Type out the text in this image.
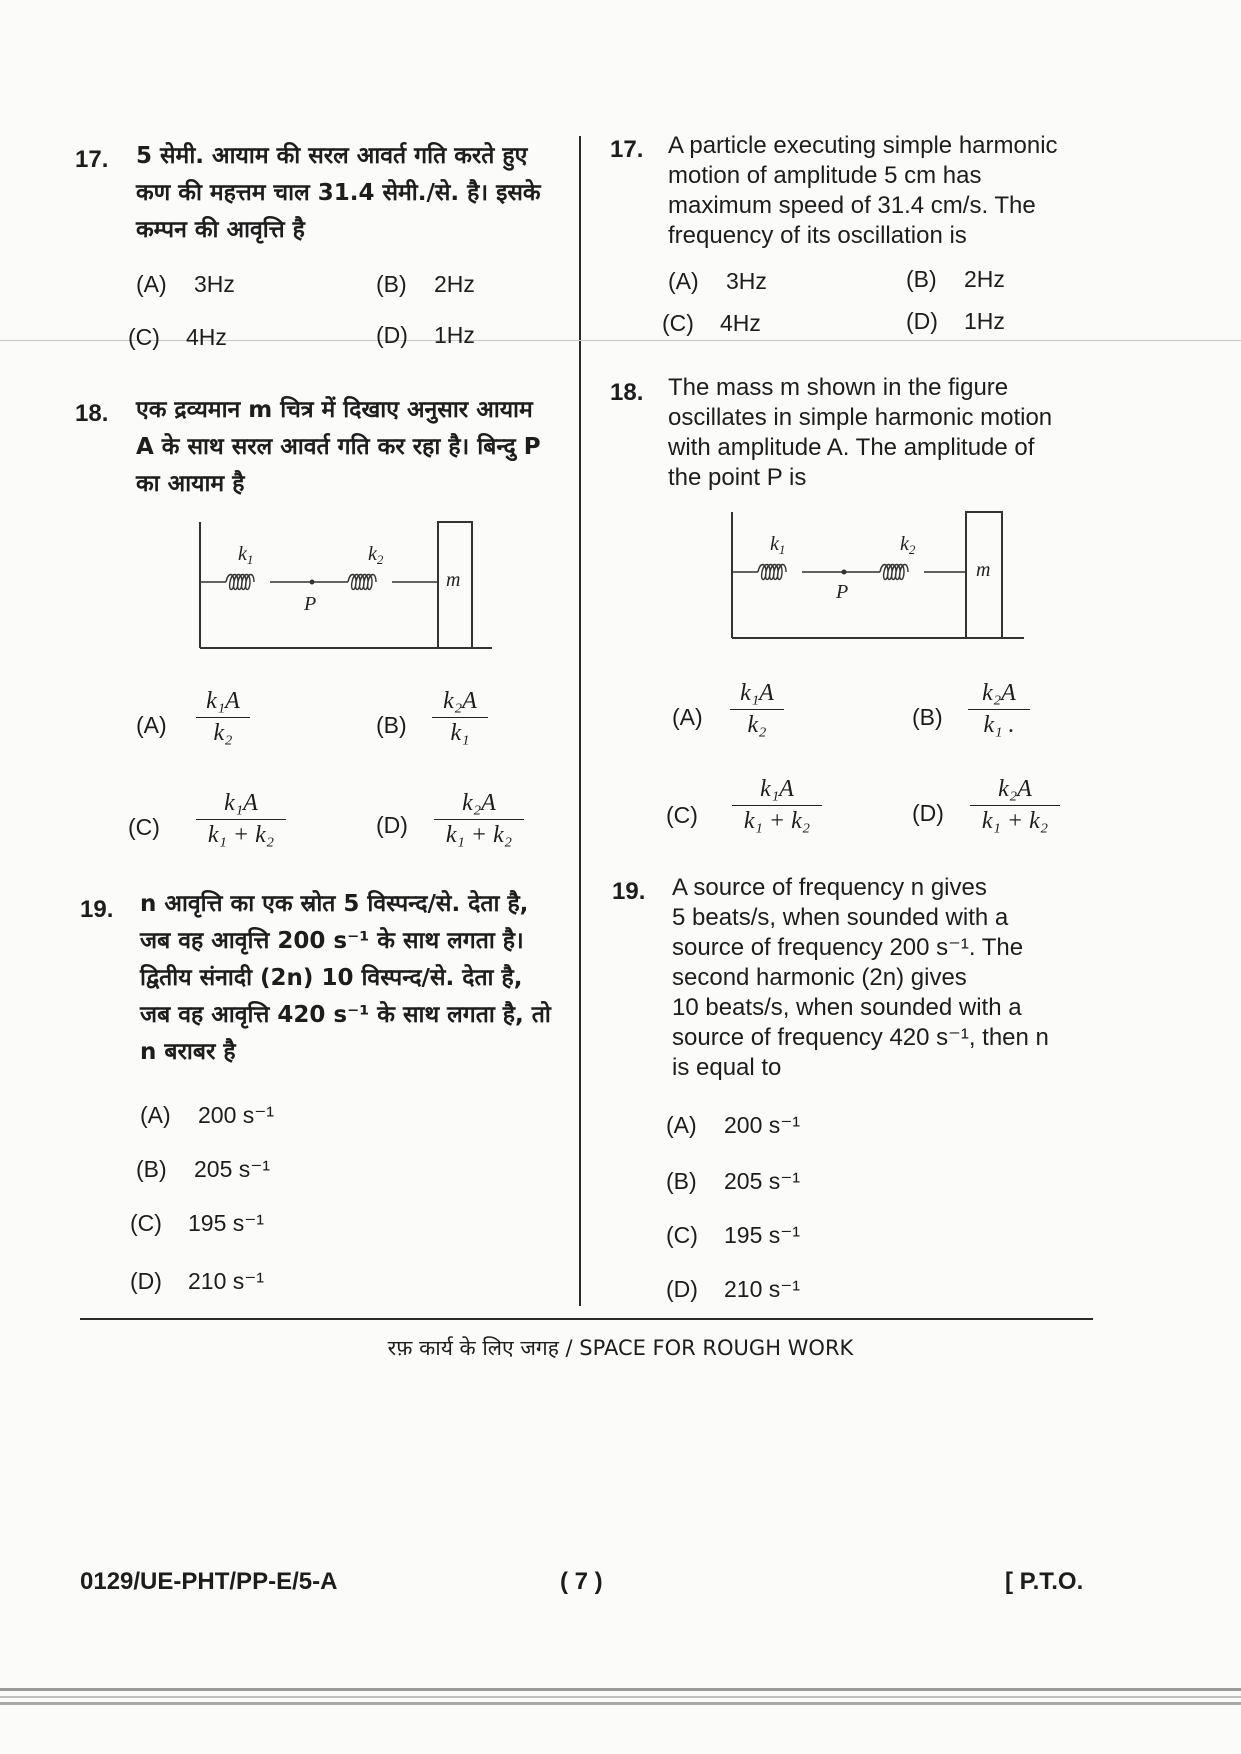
17. 5 सेमी. आयाम की सरल आवर्त गति करते हुए
कण की महत्तम चाल 31.4 सेमी./से. है। इसके
कम्पन की आवृत्ति है
(A) 3Hz	(B) 2Hz
(C) 4Hz	(D) 1Hz
18. एक द्रव्यमान m चित्र में दिखाए अनुसार आयाम
A के साथ सरल आवर्त गति कर रहा है। बिन्दु P
का आयाम है
$k_1$	$k_2$
P
m
$(A) \frac{\text{k₁A}}{\text{k₂}}$	$(B) \frac{\text{k₂A}}{\text{k₁}}$
$(C) \frac{\text{k₁A}}{\text{k₁ + k₂}}$	$(D) \frac{\text{k₂A}}{\text{k₁ + k₂}}$
19. n आवृत्ति का एक स्रोत 5 विस्पन्द/से. देता है,
जब वह आवृत्ति 200 s⁻¹ के साथ लगता है।
द्वितीय संनादी (2n) 10 विस्पन्द/से. देता है,
जब वह आवृत्ति 420 s⁻¹ के साथ लगता है, तो
n बराबर है
(A) 200 s⁻¹
(B) 205 s⁻¹
(C) 195 s⁻¹
(D) 210 s⁻¹
17. A particle executing simple harmonic
motion of amplitude 5 cm has
maximum speed of 31.4 cm/s. The
frequency of its oscillation is
(A) 3Hz	(B) 2Hz
(C) 4Hz	(D) 1Hz
18. The mass m shown in the figure
oscillates in simple harmonic motion
with amplitude A. The amplitude of
the point P is
$k_1$	$k_2$
P
m
$(A) \frac{\text{k₁A}}{\text{k₂}}$	$(B) \frac{\text{k₂A}}{\text{k₁ .}}$
$(C) \frac{\text{k₁A}}{\text{k₁ + k₂}}$	$(D) \frac{\text{k₂A}}{\text{k₁ + k₂}}$
19. A source of frequency n gives
5 beats/s, when sounded with a
source of frequency 200 s⁻¹. The
second harmonic (2n) gives
10 beats/s, when sounded with a
source of frequency 420 s⁻¹, then n
is equal to
(A) 200 s⁻¹
(B) 205 s⁻¹
(C) 195 s⁻¹
(D) 210 s⁻¹
रफ़ कार्य के लिए जगह / SPACE FOR ROUGH WORK
0129/UE-PHT/PP-E/5-A	( 7 )	[ P.T.O.
